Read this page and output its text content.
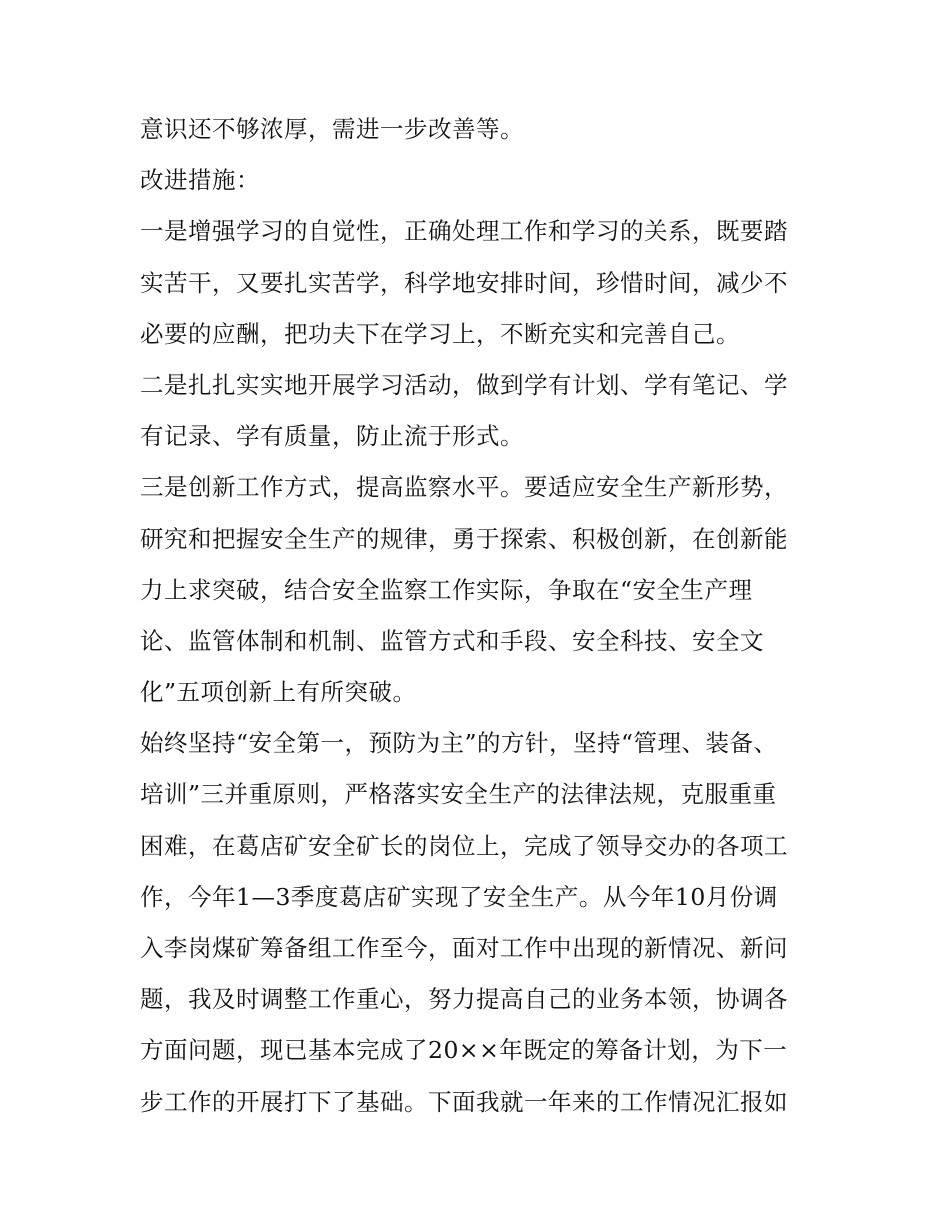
意识还不够浓厚，需进一步改善等。
改进措施：
一是增强学习的自觉性，正确处理工作和学习的关系，既要踏
实苦干，又要扎实苦学，科学地安排时间，珍惜时间，减少不
必要的应酬，把功夫下在学习上，不断充实和完善自己。
二是扎扎实实地开展学习活动，做到学有计划、学有笔记、学
有记录、学有质量，防止流于形式。
三是创新工作方式，提高监察水平。要适应安全生产新形势，
研究和把握安全生产的规律，勇于探索、积极创新，在创新能
力上求突破，结合安全监察工作实际，争取在“安全生产理
论、监管体制和机制、监管方式和手段、安全科技、安全文
化”五项创新上有所突破。
始终坚持“安全第一，预防为主”的方针，坚持“管理、装备、
培训”三并重原则，严格落实安全生产的法律法规，克服重重
困难，在葛店矿安全矿长的岗位上，完成了领导交办的各项工
作，今年1—3季度葛店矿实现了安全生产。从今年10月份调
入李岗煤矿筹备组工作至今，面对工作中出现的新情况、新问
题，我及时调整工作重心，努力提高自己的业务本领，协调各
方面问题，现已基本完成了20××年既定的筹备计划，为下一
步工作的开展打下了基础。下面我就一年来的工作情况汇报如
